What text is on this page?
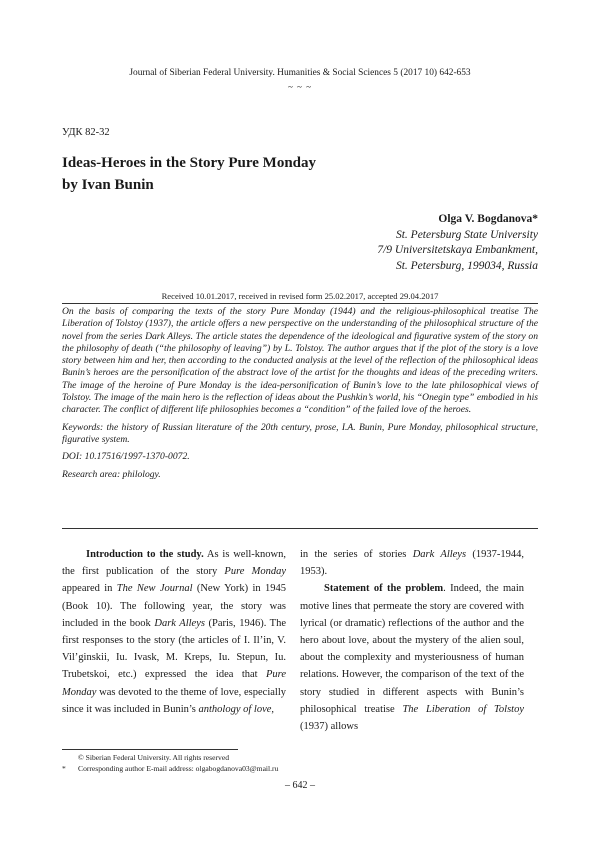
Journal of Siberian Federal University. Humanities & Social Sciences 5 (2017 10) 642-653
~ ~ ~
УДК 82-32
Ideas-Heroes in the Story Pure Monday
by Ivan Bunin
Olga V. Bogdanova*
St. Petersburg State University
7/9 Universitetskaya Embankment,
St. Petersburg, 199034, Russia
Received 10.01.2017, received in revised form 25.02.2017, accepted 29.04.2017

On the basis of comparing the texts of the story Pure Monday (1944) and the religious-philosophical treatise The Liberation of Tolstoy (1937), the article offers a new perspective on the understanding of the philosophical structure of the novel from the series Dark Alleys. The article states the dependence of the ideological and figurative system of the story on the philosophy of death (“the philosophy of leaving”) by L. Tolstoy. The author argues that if the plot of the story is a love story between him and her, then according to the conducted analysis at the level of the reflection of the philosophical ideas Bunin’s heroes are the personification of the abstract love of the artist for the thoughts and ideas of the preceding writers. The image of the heroine of Pure Monday is the idea-personification of Bunin’s love to the late philosophical views of Tolstoy. The image of the main hero is the reflection of ideas about the Pushkin’s world, his “Onegin type” embodied in his character. The conflict of different life philosophies becomes a “condition” of the failed love of the heroes.

Keywords: the history of Russian literature of the 20th century, prose, I.A. Bunin, Pure Monday, philosophical structure, figurative system.

DOI: 10.17516/1997-1370-0072.

Research area: philology.

Introduction to the study. As is well-known, the first publication of the story Pure Monday appeared in The New Journal (New York) in 1945 (Book 10). The following year, the story was included in the book Dark Alleys (Paris, 1946). The first responses to the story (the articles of I. Il’in, V. Vil’ginskii, Iu. Ivask, M. Kreps, Iu. Stepun, Iu. Trubetskoi, etc.) expressed the idea that Pure Monday was devoted to the theme of love, especially since it was included in Bunin’s anthology of love,

in the series of stories Dark Alleys (1937-1944, 1953).

Statement of the problem. Indeed, the main motive lines that permeate the story are covered with lyrical (or dramatic) reflections of the author and the hero about love, about the mystery of the alien soul, about the complexity and mysteriousness of human relations. However, the comparison of the text of the story studied in different aspects with Bunin’s philosophical treatise The Liberation of Tolstoy (1937) allows

© Siberian Federal University. All rights reserved
* Corresponding author E-mail address: olgabogdanova03@mail.ru
– 642 –
